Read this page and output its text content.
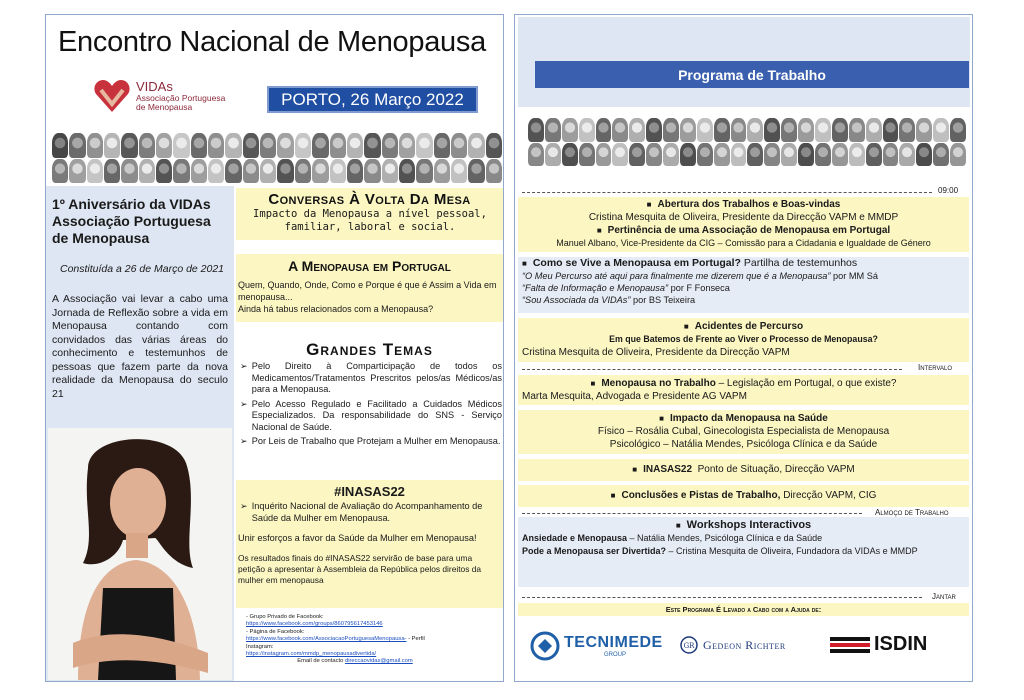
Encontro Nacional de Menopausa
VIDAs
Associação Portuguesa
de Menopausa	PORTO, 26 Março 2022
1º Aniversário da VIDAs Associação Portuguesa de Menopausa
Constituída a 26 de Março de 2021
A Associação vai levar a cabo uma Jornada de Reflexão sobre a vida em Menopausa contando com convidados das várias áreas do conhecimento e testemunhos de pessoas que fazem parte da nova realidade da Menopausa do seculo 21
Conversas À Volta Da Mesa
Impacto da Menopausa a nível pessoal, familiar, laboral e social.
A Menopausa em Portugal
Quem, Quando, Onde, Como e Porque é que é Assim a Vida em menopausa...
Ainda há tabus relacionados com a Menopausa?
Grandes Temas
➢ Pelo Direito à Comparticipação de todos os Medicamentos/Tratamentos Prescritos pelos/as Médicos/as para a Menopausa.
➢ Pelo Acesso Regulado e Facilitado a Cuidados Médicos Especializados. Da responsabilidade do SNS - Serviço Nacional de Saúde.
➢ Por Leis de Trabalho que Protejam a Mulher em Menopausa.
#INASAS22
➢ Inquérito Nacional de Avaliação do Acompanhamento de Saúde da Mulher em Menopausa.
Unir esforços a favor da Saúde da Mulher em Menopausa!
Os resultados finais do #INASAS22 servirão de base para uma petição a apresentar à Assembleia da República pelos direitos da mulher em menopausa
- Grupo Privado de Facebook:
https://www.facebook.com/groups/860795617453146
- Página de Facebook:
https://www.facebook.com/AssociacaoPortuguesaMenopausa- - Perfil
Instagram:
https://instagram.com/mmdp_menopausadivertida/
Email de contacto direccaovidas@gmail.com
Programa de Trabalho
09:00
■ Abertura dos Trabalhos e Boas-vindas
Cristina Mesquita de Oliveira, Presidente da Direcção VAPM e MMDP
■ Pertinência de uma Associação de Menopausa em Portugal
Manuel Albano, Vice-Presidente da CIG – Comissão para a Cidadania e Igualdade de Género
■ Como se Vive a Menopausa em Portugal? Partilha de testemunhos
“O Meu Percurso até aqui para finalmente me dizerem que é a Menopausa” por MM Sá
“Falta de Informação e Menopausa” por F Fonseca
“Sou Associada da VIDAs” por BS Teixeira
■ Acidentes de Percurso
Em que Batemos de Frente ao Viver o Processo de Menopausa?
Cristina Mesquita de Oliveira, Presidente da Direcção VAPM
Intervalo
■ Menopausa no Trabalho – Legislação em Portugal, o que existe?
Marta Mesquita, Advogada e Presidente AG VAPM
■ Impacto da Menopausa na Saúde
Físico – Rosália Cubal, Ginecologista Especialista de Menopausa
Psicológico – Natália Mendes, Psicóloga Clínica e da Saúde
■ INASAS22 Ponto de Situação, Direcção VAPM
■ Conclusões e Pistas de Trabalho, Direcção VAPM, CIG
Almoço de Trabalho
■ Workshops Interactivos
Ansiedade e Menopausa – Natália Mendes, Psicóloga Clínica e da Saúde
Pode a Menopausa ser Divertida? – Cristina Mesquita de Oliveira, Fundadora da VIDAs e MMDP
Jantar
Este Programa É Levado a Cabo com a Ajuda de:
TECNIMEDE
GROUP
GR Gedeon Richter	ISDIN
